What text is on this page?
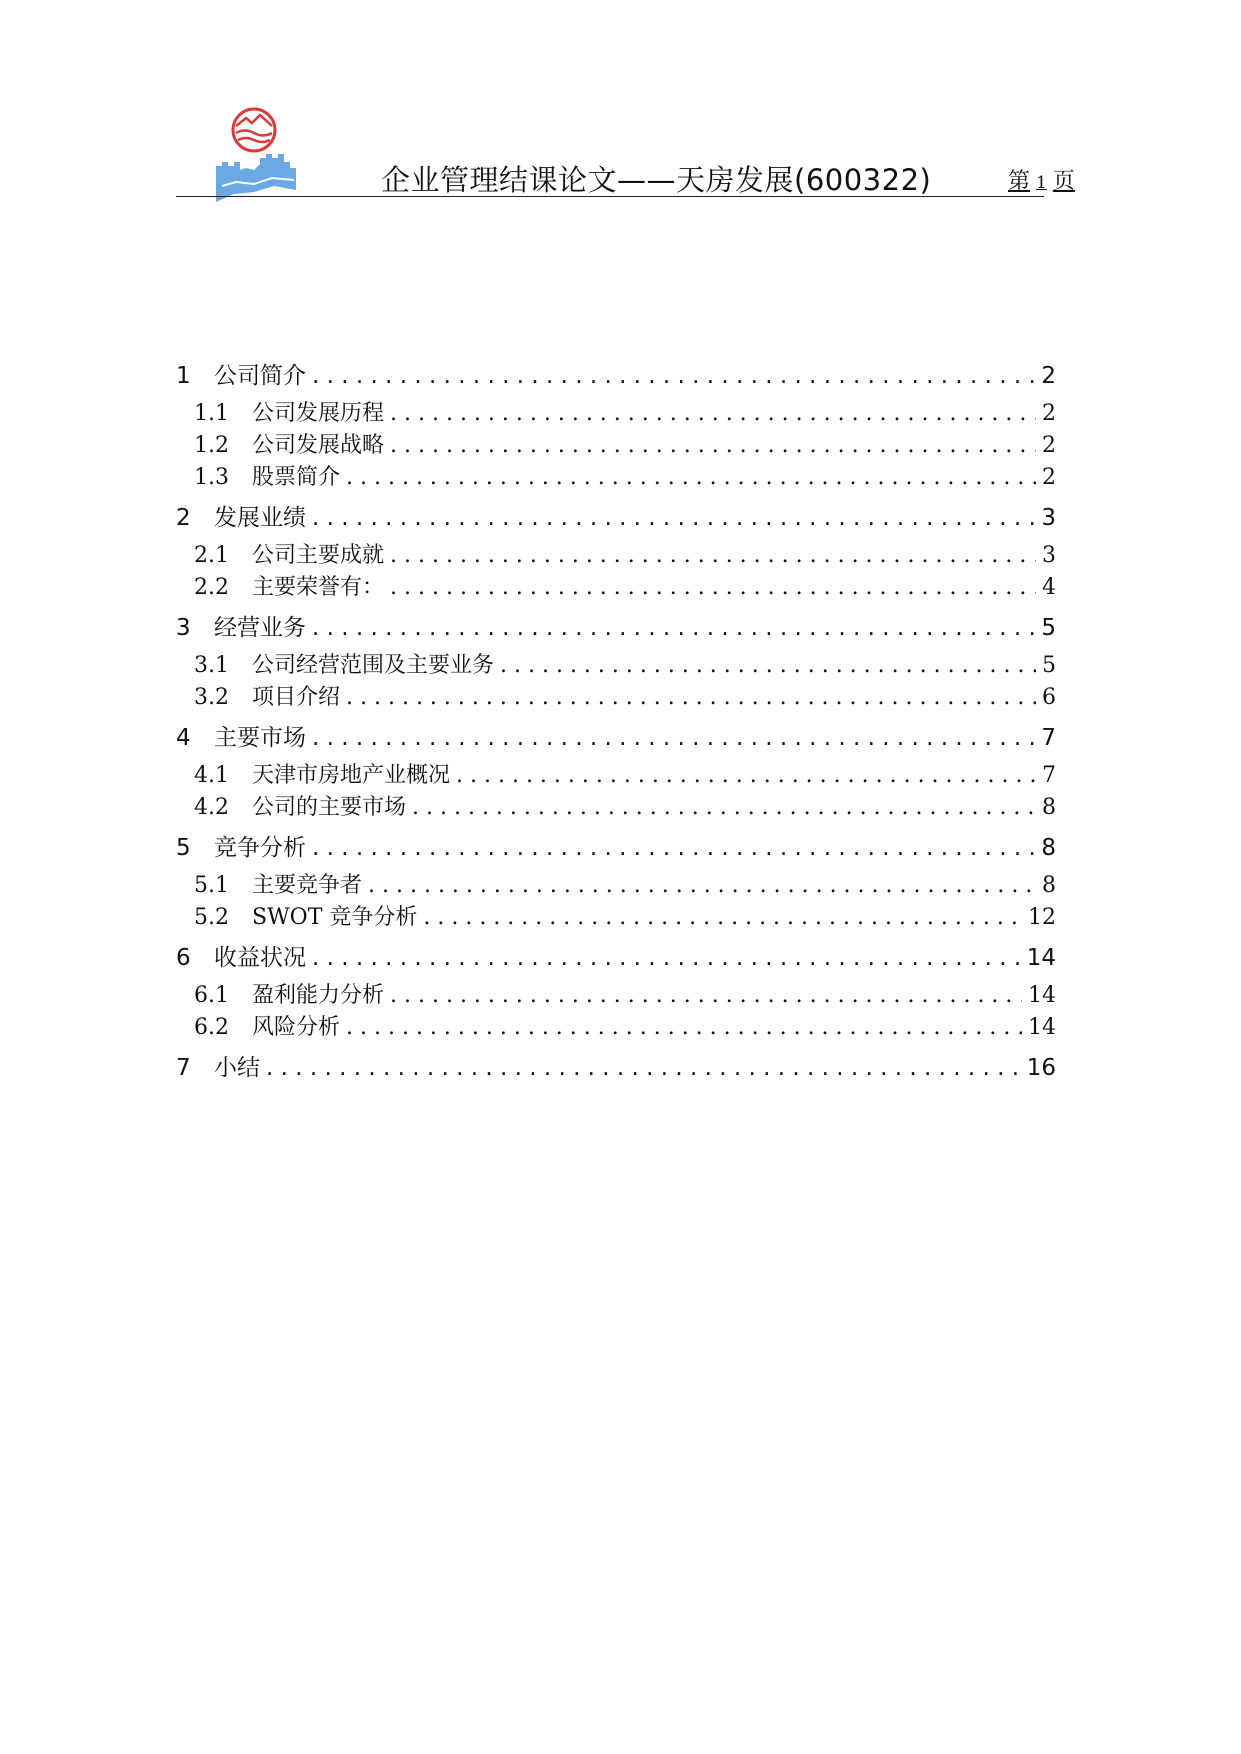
企业管理结课论文——天房发展(600322)	第 1 页
1	公司简介 . . .	2
1.1	公司发展历程 . . .	2
1.2	公司发展战略 . . .	2
1.3	股票简介 . . .	2
2	发展业绩 . . .	3
2.1	公司主要成就 . . .	3
2.2	主要荣誉有： . . .	4
3	经营业务 . . .	5
3.1	公司经营范围及主要业务 . . .	5
3.2	项目介绍 . . .	6
4	主要市场 . . .	7
4.1	天津市房地产业概况 . . .	7
4.2	公司的主要市场 . . .	8
5	竞争分析 . . .	8
5.1	主要竞争者 . . .	8
5.2	SWOT 竞争分析 . . .	12
6	收益状况 . . .	14
6.1	盈利能力分析 . . .	14
6.2	风险分析 . . .	14
7	小结 . . .	16
